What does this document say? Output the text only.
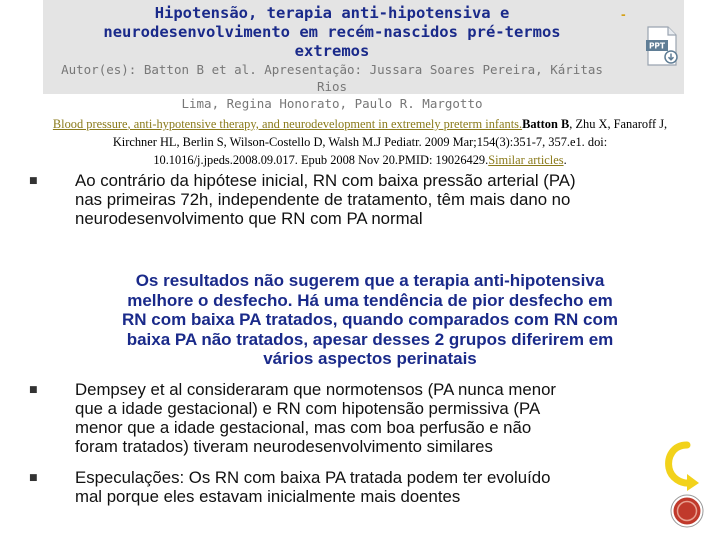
Hipotensão, terapia anti-hipotensiva e
neurodesenvolvimento em recém-nascidos pré-termos
extremos
Autor(es): Batton B et al. Apresentação: Jussara Soares Pereira, Káritas Rios
Lima, Regina Honorato, Paulo R. Margotto
-
PPT
Blood pressure, anti-hypotensive therapy, and neurodevelopment in extremely preterm infants.Batton B, Zhu X, Fanaroff J,
Kirchner HL, Berlin S, Wilson-Costello D, Walsh M.J Pediatr. 2009 Mar;154(3):351-7, 357.e1. doi:
10.1016/j.jpeds.2008.09.017. Epub 2008 Nov 20.PMID: 19026429.Similar articles.
■ Ao contrário da hipótese inicial, RN com baixa pressão arterial (PA)
nas primeiras 72h, independente de tratamento, têm mais dano no
neurodesenvolvimento que RN com PA normal
Os resultados não sugerem que a terapia anti-hipotensiva
melhore o desfecho. Há uma tendência de pior desfecho em
RN com baixa PA tratados, quando comparados com RN com
baixa PA não tratados, apesar desses 2 grupos diferirem em
vários aspectos perinatais
■ Dempsey et al consideraram que normotensos (PA nunca menor
que a idade gestacional) e RN com hipotensão permissiva (PA
menor que a idade gestacional, mas com boa perfusão e não
foram tratados) tiveram neurodesenvolvimento similares
■ Especulações: Os RN com baixa PA tratada podem ter evoluído
mal porque eles estavam inicialmente mais doentes
